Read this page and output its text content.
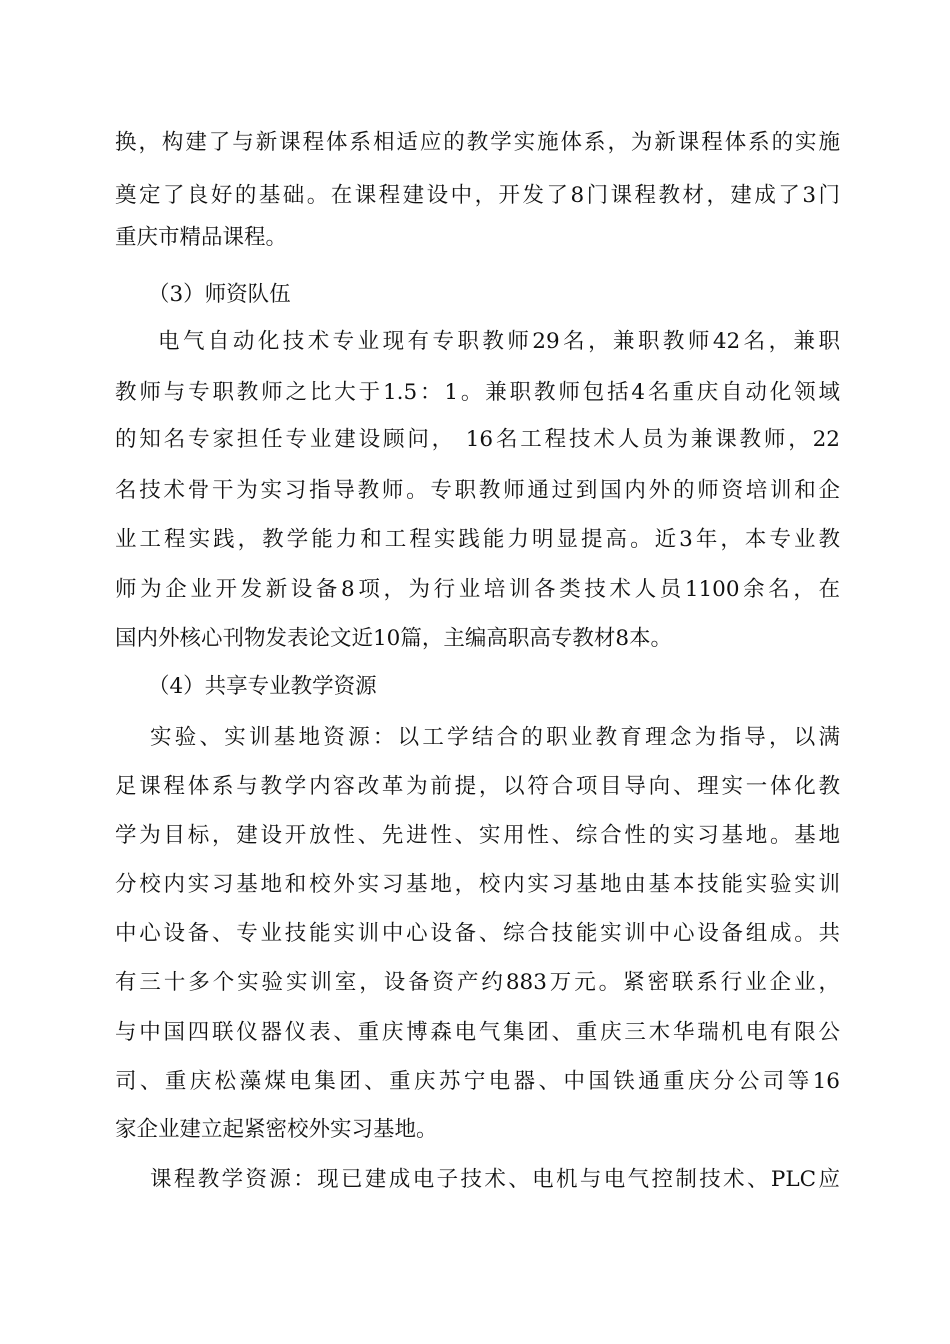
换，构建了与新课程体系相适应的教学实施体系，为新课程体系的实施
奠定了良好的基础。在课程建设中，开发了8门课程教材，建成了3门
重庆市精品课程。
（3）师资队伍
电气自动化技术专业现有专职教师29名，兼职教师42名，兼职
教师与专职教师之比大于1.5：1。兼职教师包括4名重庆自动化领域
的知名专家担任专业建设顾问， 16名工程技术人员为兼课教师，22
名技术骨干为实习指导教师。专职教师通过到国内外的师资培训和企
业工程实践，教学能力和工程实践能力明显提高。近3年，本专业教
师为企业开发新设备8项，为行业培训各类技术人员1100余名，在
国内外核心刊物发表论文近10篇，主编高职高专教材8本。
（4）共享专业教学资源
实验、实训基地资源：以工学结合的职业教育理念为指导，以满
足课程体系与教学内容改革为前提，以符合项目导向、理实一体化教
学为目标，建设开放性、先进性、实用性、综合性的实习基地。基地
分校内实习基地和校外实习基地，校内实习基地由基本技能实验实训
中心设备、专业技能实训中心设备、综合技能实训中心设备组成。共
有三十多个实验实训室，设备资产约883万元。紧密联系行业企业，
与中国四联仪器仪表、重庆博森电气集团、重庆三木华瑞机电有限公
司、重庆松藻煤电集团、重庆苏宁电器、中国铁通重庆分公司等16
家企业建立起紧密校外实习基地。
课程教学资源：现已建成电子技术、电机与电气控制技术、PLC应
